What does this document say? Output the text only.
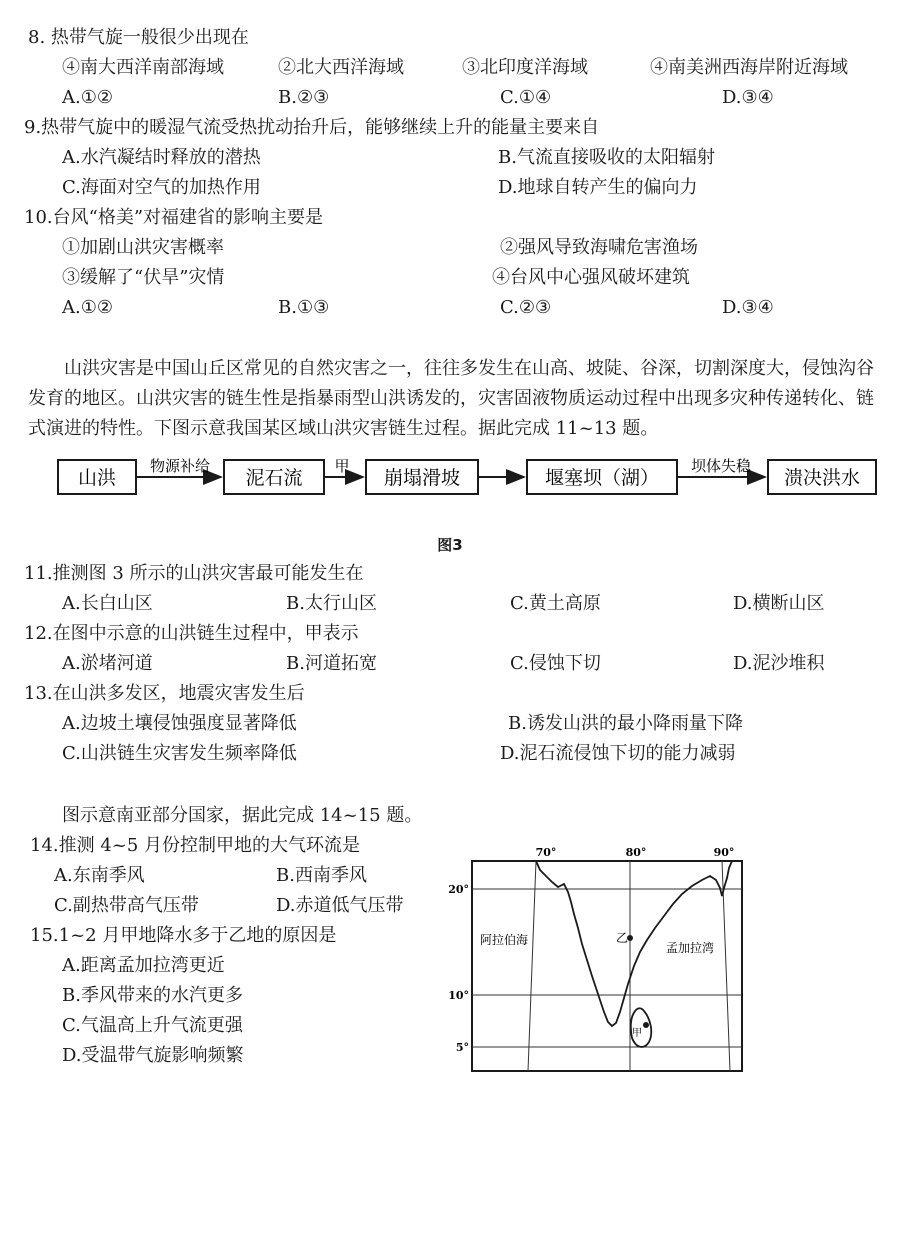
8. 热带气旋一般很少出现在
④南大西洋南部海域	②北大西洋海域	③北印度洋海域	④南美洲西海岸附近海域
A.①②	B.②③	C.①④	D.③④
9.热带气旋中的暖湿气流受热扰动抬升后，能够继续上升的能量主要来自
A.水汽凝结时释放的潜热	B.气流直接吸收的太阳辐射
C.海面对空气的加热作用	D.地球自转产生的偏向力
10.台风“格美”对福建省的影响主要是
①加剧山洪灾害概率	②强风导致海啸危害渔场
③缓解了“伏旱”灾情	④台风中心强风破坏建筑
A.①②	B.①③	C.②③	D.③④
山洪灾害是中国山丘区常见的自然灾害之一，往往多发生在山高、坡陡、谷深，切割深度大，侵蚀沟谷发育的地区。山洪灾害的链生性是指暴雨型山洪诱发的，灾害固液物质运动过程中出现多灾种传递转化、链式演进的特性。下图示意我国某区域山洪灾害链生过程。据此完成 11~13 题。
山洪
物源补给
泥石流
甲
崩塌滑坡	堰塞坝（湖）
坝体失稳
溃决洪水
图3
11.推测图 3 所示的山洪灾害最可能发生在
A.长白山区	B.太行山区	C.黄土高原	D.横断山区
12.在图中示意的山洪链生过程中，甲表示
A.淤堵河道	B.河道拓宽	C.侵蚀下切	D.泥沙堆积
13.在山洪多发区，地震灾害发生后
A.边坡土壤侵蚀强度显著降低	B.诱发山洪的最小降雨量下降
C.山洪链生灾害发生频率降低	D.泥石流侵蚀下切的能力减弱
图示意南亚部分国家，据此完成 14~15 题。
14.推测 4~5 月份控制甲地的大气环流是
A.东南季风	B.西南季风
C.副热带高气压带	D.赤道低气压带
15.1~2 月甲地降水多于乙地的原因是
A.距离孟加拉湾更近
B.季风带来的水汽更多
C.气温高上升气流更强
D.受温带气旋影响频繁
70°	80°	90°
20°
10°
5°
阿拉伯海
孟加拉湾
乙
甲
